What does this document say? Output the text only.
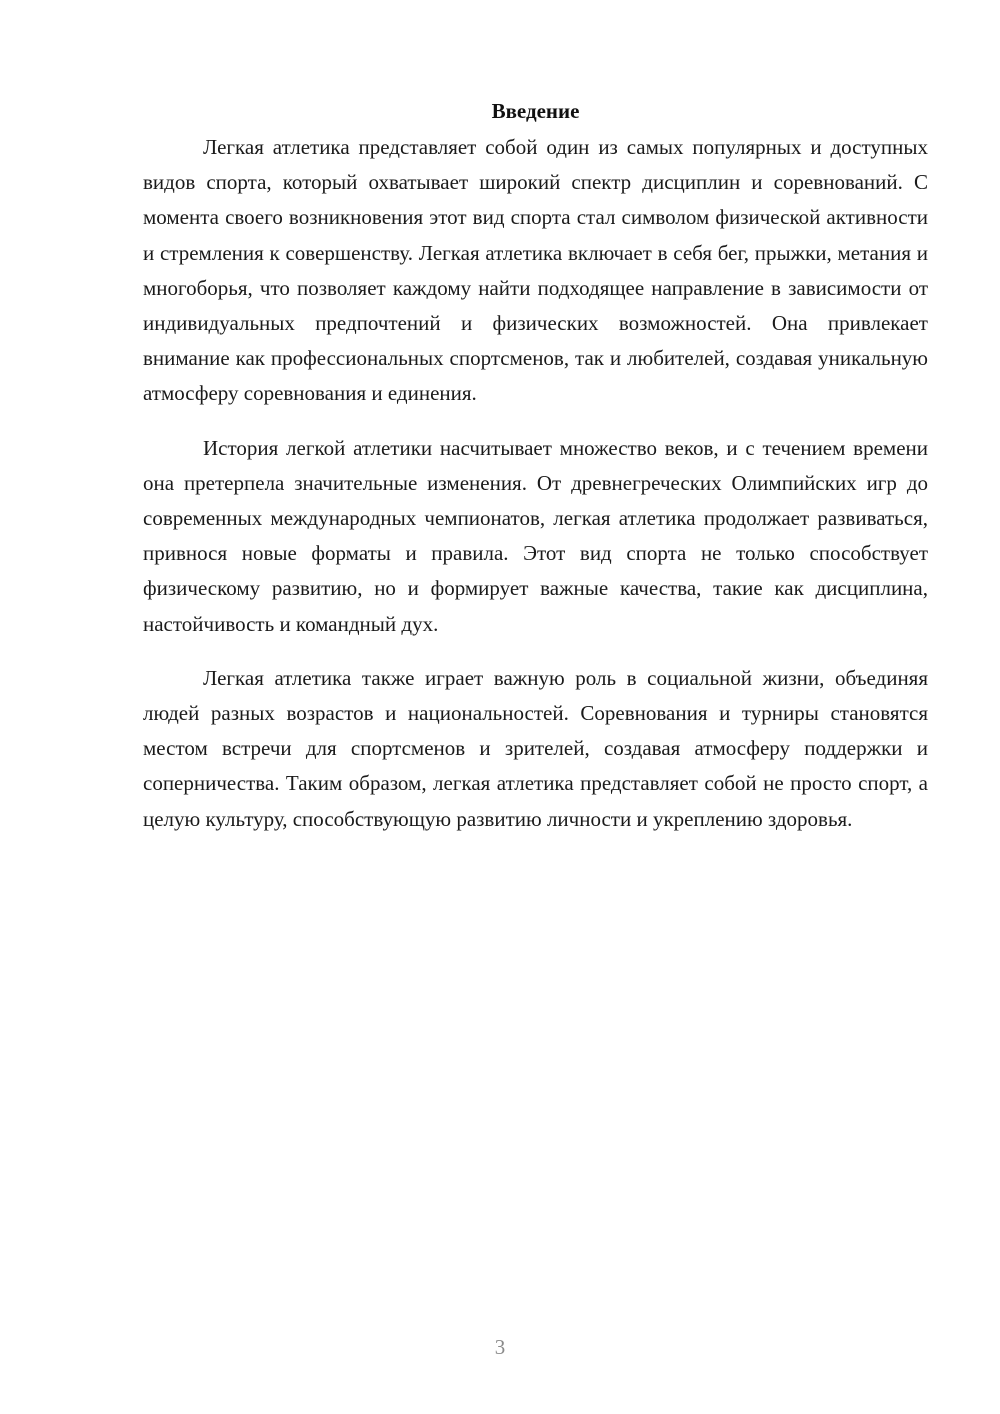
Введение

Легкая атлетика представляет собой один из самых популярных и доступных видов спорта, который охватывает широкий спектр дисциплин и соревнований. С момента своего возникновения этот вид спорта стал символом физической активности и стремления к совершенству. Легкая атлетика включает в себя бег, прыжки, метания и многоборья, что позволяет каждому найти подходящее направление в зависимости от индивидуальных предпочтений и физических возможностей. Она привлекает внимание как профессиональных спортсменов, так и любителей, создавая уникальную атмосферу соревнования и единения.

История легкой атлетики насчитывает множество веков, и с течением времени она претерпела значительные изменения. От древнегреческих Олимпийских игр до современных международных чемпионатов, легкая атлетика продолжает развиваться, привнося новые форматы и правила. Этот вид спорта не только способствует физическому развитию, но и формирует важные качества, такие как дисциплина, настойчивость и командный дух.

Легкая атлетика также играет важную роль в социальной жизни, объединяя людей разных возрастов и национальностей. Соревнования и турниры становятся местом встречи для спортсменов и зрителей, создавая атмосферу поддержки и соперничества. Таким образом, легкая атлетика представляет собой не просто спорт, а целую культуру, способствующую развитию личности и укреплению здоровья.

3
